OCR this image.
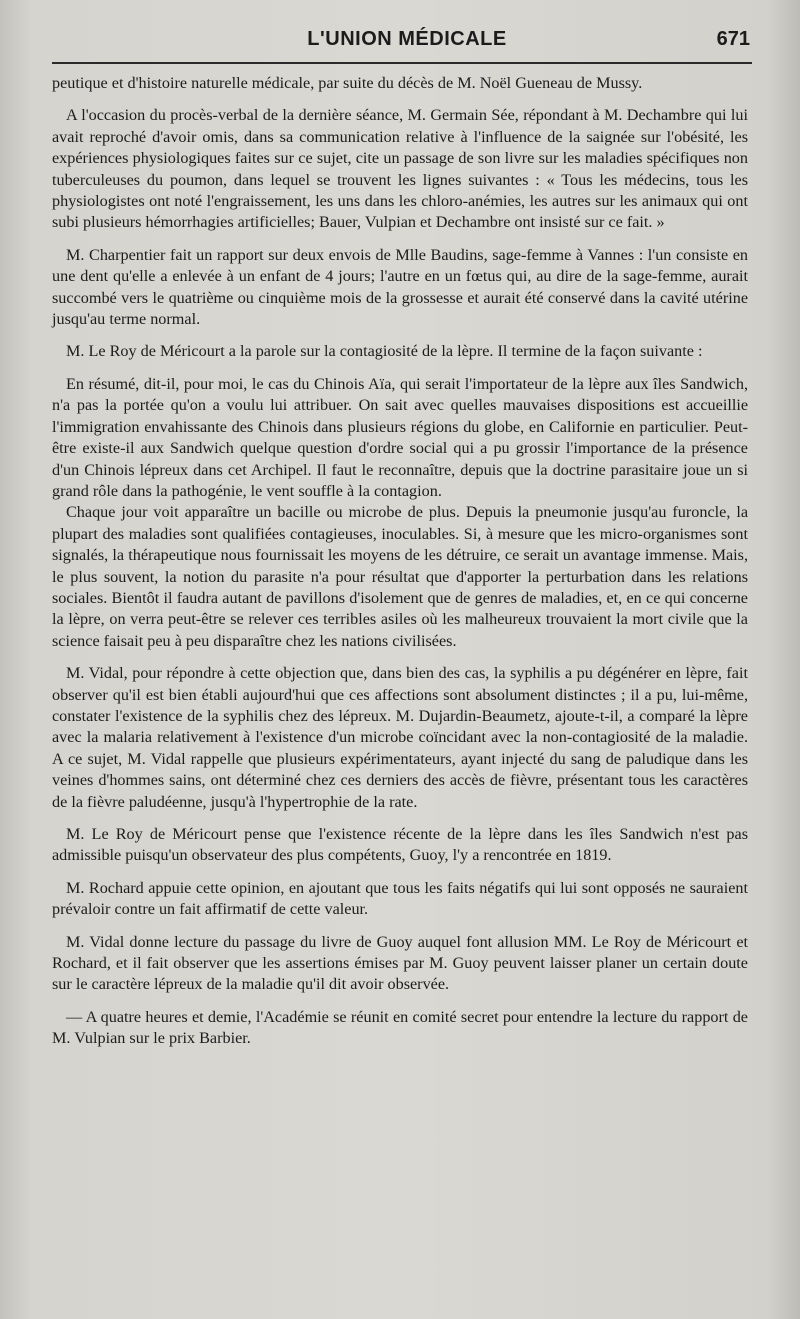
L'UNION MÉDICALE	671

peutique et d'histoire naturelle médicale, par suite du décès de M. Noël Gueneau de Mussy.

A l'occasion du procès-verbal de la dernière séance, M. Germain Sée, répondant à M. Dechambre qui lui avait reproché d'avoir omis, dans sa communication relative à l'influence de la saignée sur l'obésité, les expériences physiologiques faites sur ce sujet, cite un passage de son livre sur les maladies spécifiques non tuberculeuses du poumon, dans lequel se trouvent les lignes suivantes : « Tous les médecins, tous les physiologistes ont noté l'engraissement, les uns dans les chloro-anémies, les autres sur les animaux qui ont subi plusieurs hémorrhagies artificielles; Bauer, Vulpian et Dechambre ont insisté sur ce fait. »

M. Charpentier fait un rapport sur deux envois de Mlle Baudins, sage-femme à Vannes : l'un consiste en une dent qu'elle a enlevée à un enfant de 4 jours; l'autre en un fœtus qui, au dire de la sage-femme, aurait succombé vers le quatrième ou cinquième mois de la grossesse et aurait été conservé dans la cavité utérine jusqu'au terme normal.

M. Le Roy de Méricourt a la parole sur la contagiosité de la lèpre. Il termine de la façon suivante :

En résumé, dit-il, pour moi, le cas du Chinois Aïa, qui serait l'importateur de la lèpre aux îles Sandwich, n'a pas la portée qu'on a voulu lui attribuer. On sait avec quelles mauvaises dispositions est accueillie l'immigration envahissante des Chinois dans plusieurs régions du globe, en Californie en particulier. Peut-être existe-il aux Sandwich quelque question d'ordre social qui a pu grossir l'importance de la présence d'un Chinois lépreux dans cet Archipel. Il faut le reconnaître, depuis que la doctrine parasitaire joue un si grand rôle dans la pathogénie, le vent souffle à la contagion.

Chaque jour voit apparaître un bacille ou microbe de plus. Depuis la pneumonie jusqu'au furoncle, la plupart des maladies sont qualifiées contagieuses, inoculables. Si, à mesure que les micro-organismes sont signalés, la thérapeutique nous fournissait les moyens de les détruire, ce serait un avantage immense. Mais, le plus souvent, la notion du parasite n'a pour résultat que d'apporter la perturbation dans les relations sociales. Bientôt il faudra autant de pavillons d'isolement que de genres de maladies, et, en ce qui concerne la lèpre, on verra peut-être se relever ces terribles asiles où les malheureux trouvaient la mort civile que la science faisait peu à peu disparaître chez les nations civilisées.

M. Vidal, pour répondre à cette objection que, dans bien des cas, la syphilis a pu dégénérer en lèpre, fait observer qu'il est bien établi aujourd'hui que ces affections sont absolument distinctes ; il a pu, lui-même, constater l'existence de la syphilis chez des lépreux. M. Dujardin-Beaumetz, ajoute-t-il, a comparé la lèpre avec la malaria relativement à l'existence d'un microbe coïncidant avec la non-contagiosité de la maladie. A ce sujet, M. Vidal rappelle que plusieurs expérimentateurs, ayant injecté du sang de paludique dans les veines d'hommes sains, ont déterminé chez ces derniers des accès de fièvre, présentant tous les caractères de la fièvre paludéenne, jusqu'à l'hypertrophie de la rate.

M. Le Roy de Méricourt pense que l'existence récente de la lèpre dans les îles Sandwich n'est pas admissible puisqu'un observateur des plus compétents, Guoy, l'y a rencontrée en 1819.

M. Rochard appuie cette opinion, en ajoutant que tous les faits négatifs qui lui sont opposés ne sauraient prévaloir contre un fait affirmatif de cette valeur.

M. Vidal donne lecture du passage du livre de Guoy auquel font allusion MM. Le Roy de Méricourt et Rochard, et il fait observer que les assertions émises par M. Guoy peuvent laisser planer un certain doute sur le caractère lépreux de la maladie qu'il dit avoir observée.

— A quatre heures et demie, l'Académie se réunit en comité secret pour entendre la lecture du rapport de M. Vulpian sur le prix Barbier.
